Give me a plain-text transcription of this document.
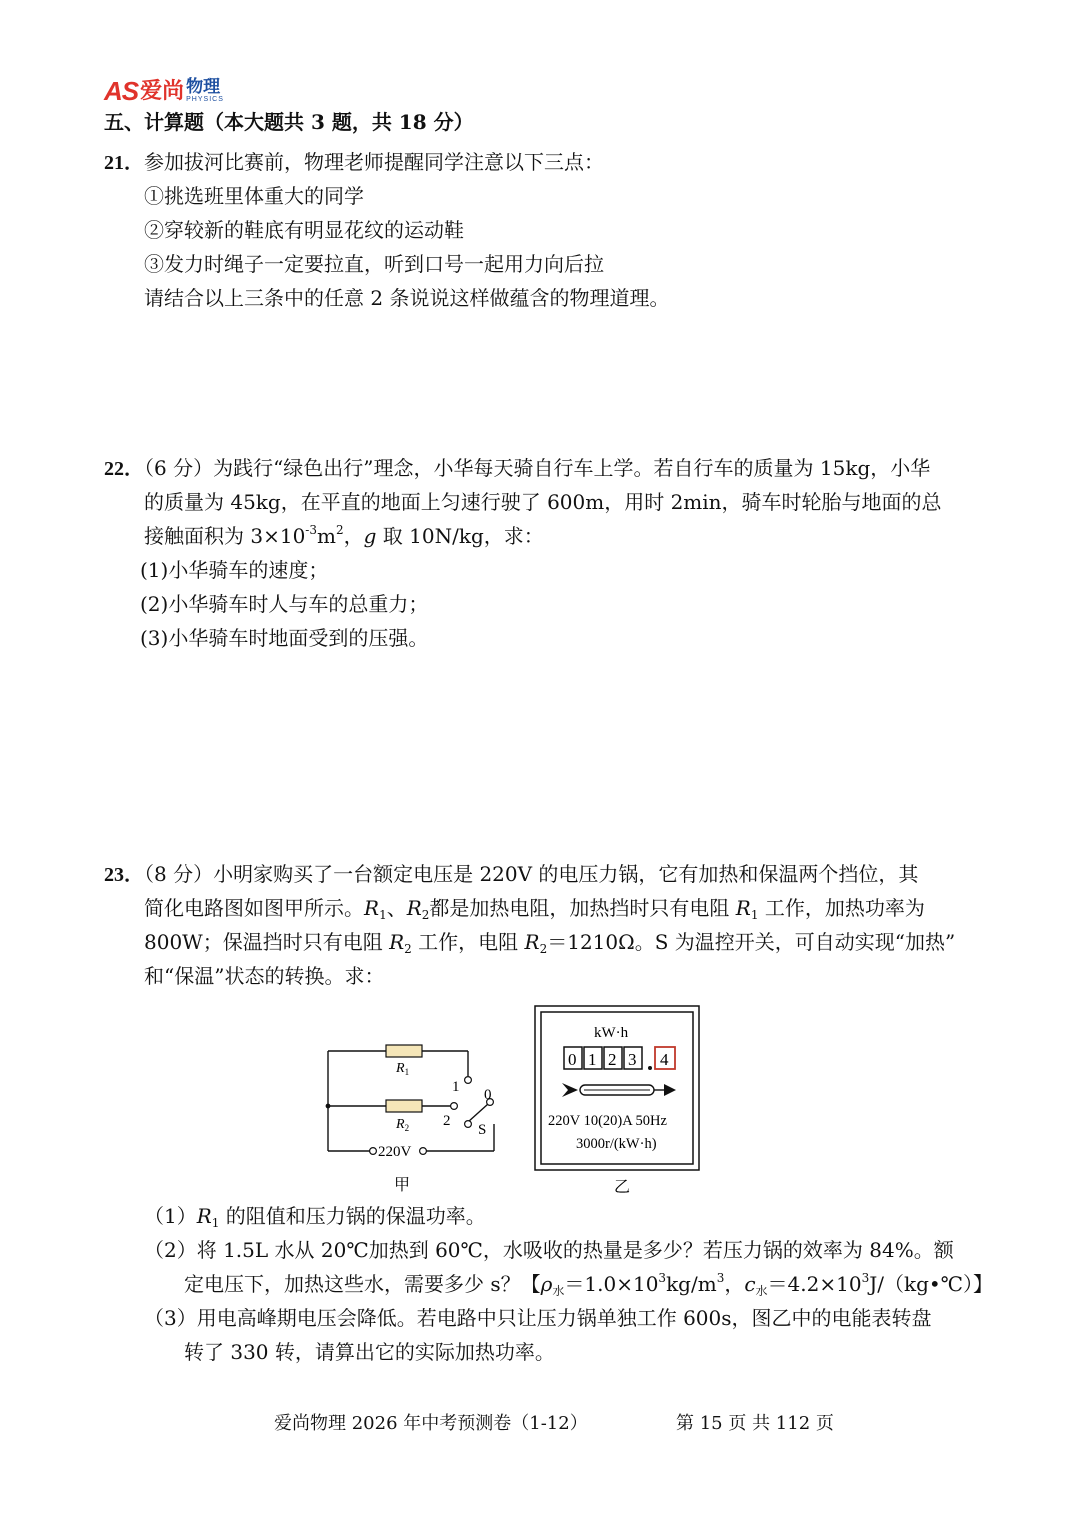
AS 爱尚 物理
PHYSICS
五、计算题（本大题共 3 题，共 18 分）
21．参加拔河比赛前，物理老师提醒同学注意以下三点：
①挑选班里体重大的同学
②穿较新的鞋底有明显花纹的运动鞋
③发力时绳子一定要拉直，听到口号一起用力向后拉
请结合以上三条中的任意 2 条说说这样做蕴含的物理道理。
22．（6 分）为践行“绿色出行”理念，小华每天骑自行车上学。若自行车的质量为 15kg，小华
的质量为 45kg，在平直的地面上匀速行驶了 600m，用时 2min，骑车时轮胎与地面的总
接触面积为 $3\times 10^{-3}m^2$，g 取 10N/kg，求：
(1)小华骑车的速度；
(2)小华骑车时人与车的总重力；
(3)小华骑车时地面受到的压强。
23．（8 分）小明家购买了一台额定电压是 220V 的电压力锅，它有加热和保温两个挡位，其
简化电路图如图甲所示。$R_1$、$R_2$都是加热电阻，加热挡时只有电阻 $R_1$ 工作，加热功率为
800W；保温挡时只有电阻 $R_2$ 工作，电阻 $R_2=1210\Omega$。S 为温控开关，可自动实现“加热”
和“保温”状态的转换。求：
$R_1$
$R_2$
1
2
0
S
220V
甲
kW·h
0 1 2 3 4
220V 10(20)A 50Hz
3000r/(kW·h)
乙
$(1)R_1$ 的阻值和压力锅的保温功率。
（2）将 1.5L 水从 20℃加热到 60℃，水吸收的热量是多少？若压力锅的效率为 84%。额
定电压下，加热这些水，需要多少 s？【$\rho_水=1.0\times 10^3kg/m^3$，$c_水=4.2\times 10^3J/(kg•℃)$】
（3）用电高峰期电压会降低。若电路中只让压力锅单独工作 600s，图乙中的电能表转盘
转了 330 转，请算出它的实际加热功率。
爱尚物理 2026 年中考预测卷（1-12）	第 15 页 共 112 页
